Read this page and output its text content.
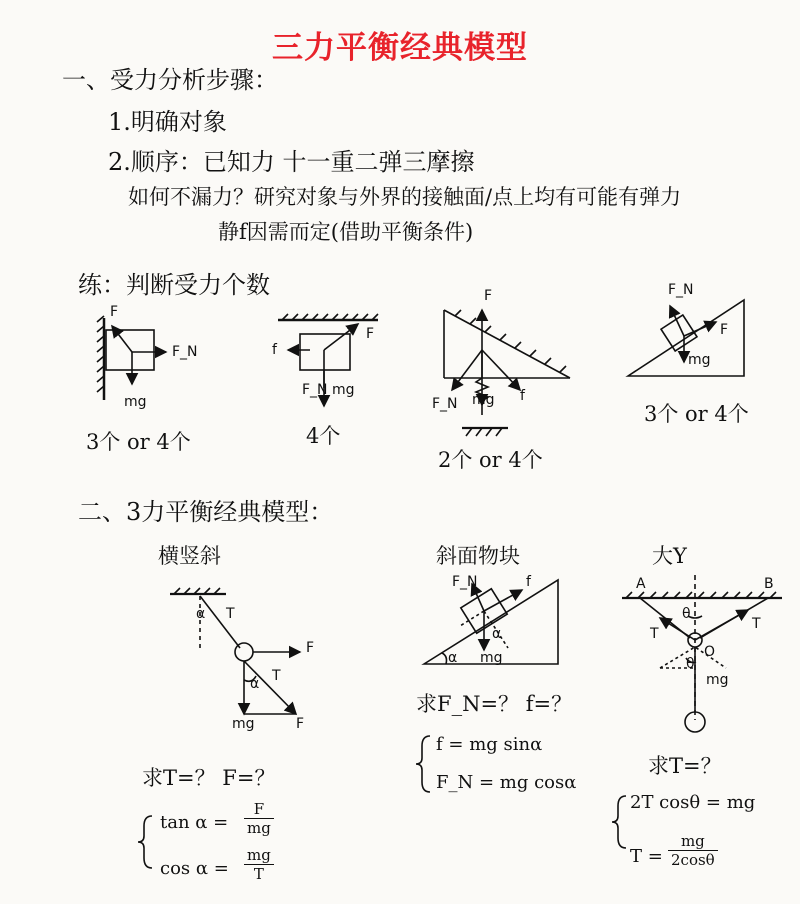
三力平衡经典模型
一、受力分析步骤：
1.明确对象
2.顺序：已知力 十一重二弹三摩擦
如何不漏力？研究对象与外界的接触面/点上均有可能有弹力
静f因需而定(借助平衡条件)
练：判断受力个数
F
F_N
mg
3个 or 4个
f
F
F_N mg
4个
F
F_N	f
mg
2个 or 4个
F_N
F
mg
3个 or 4个
二、3力平衡经典模型：
横竖斜
α T
F
T
α
mg	F
求T=？ F=？
$\tan \alpha = \frac{F}{mg}$
$\cos \alpha = \frac{mg}{T}$
斜面物块
F_N	f
α
α
mg
求F_N=？ f=？
f = mg sinα
F_N = mg cosα
大Y
A	B
θ
θ
T
T
O
mg
求T=？
2T cosθ = mg
$T = \frac{mg}{2\cos\theta}$
